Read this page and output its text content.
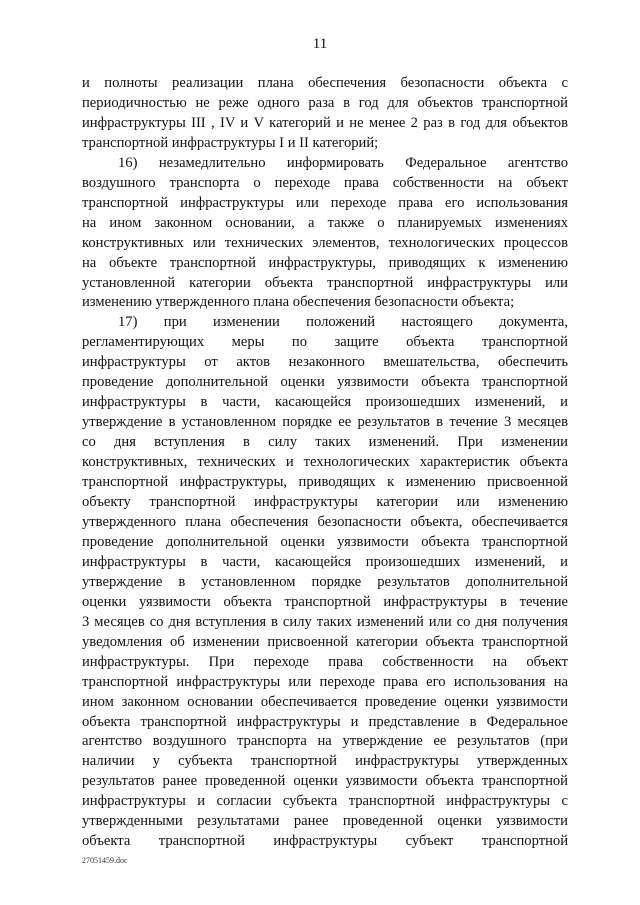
11
и полноты реализации плана обеспечения безопасности объекта с
периодичностью не реже одного раза в год для объектов транспортной
инфраструктуры III , IV и V категорий и не менее 2 раз в год для объектов
транспортной инфраструктуры I и II категорий;
16) незамедлительно информировать Федеральное агентство
воздушного транспорта о переходе права собственности на объект
транспортной инфраструктуры или переходе права его использования
на ином законном основании, а также о планируемых изменениях
конструктивных или технических элементов, технологических процессов
на объекте транспортной инфраструктуры, приводящих к изменению
установленной категории объекта транспортной инфраструктуры или
изменению утвержденного плана обеспечения безопасности объекта;
17) при изменении положений настоящего документа,
регламентирующих меры по защите объекта транспортной
инфраструктуры от актов незаконного вмешательства, обеспечить
проведение дополнительной оценки уязвимости объекта транспортной
инфраструктуры в части, касающейся произошедших изменений, и
утверждение в установленном порядке ее результатов в течение 3 месяцев
со дня вступления в силу таких изменений. При изменении
конструктивных, технических и технологических характеристик объекта
транспортной инфраструктуры, приводящих к изменению присвоенной
объекту транспортной инфраструктуры категории или изменению
утвержденного плана обеспечения безопасности объекта, обеспечивается
проведение дополнительной оценки уязвимости объекта транспортной
инфраструктуры в части, касающейся произошедших изменений, и
утверждение в установленном порядке результатов дополнительной
оценки уязвимости объекта транспортной инфраструктуры в течение
3 месяцев со дня вступления в силу таких изменений или со дня получения
уведомления об изменении присвоенной категории объекта транспортной
инфраструктуры. При переходе права собственности на объект
транспортной инфраструктуры или переходе права его использования на
ином законном основании обеспечивается проведение оценки уязвимости
объекта транспортной инфраструктуры и представление в Федеральное
агентство воздушного транспорта на утверждение ее результатов (при
наличии у субъекта транспортной инфраструктуры утвержденных
результатов ранее проведенной оценки уязвимости объекта транспортной
инфраструктуры и согласии субъекта транспортной инфраструктуры с
утвержденными результатами ранее проведенной оценки уязвимости
объекта транспортной инфраструктуры субъект транспортной
27051459.doc
